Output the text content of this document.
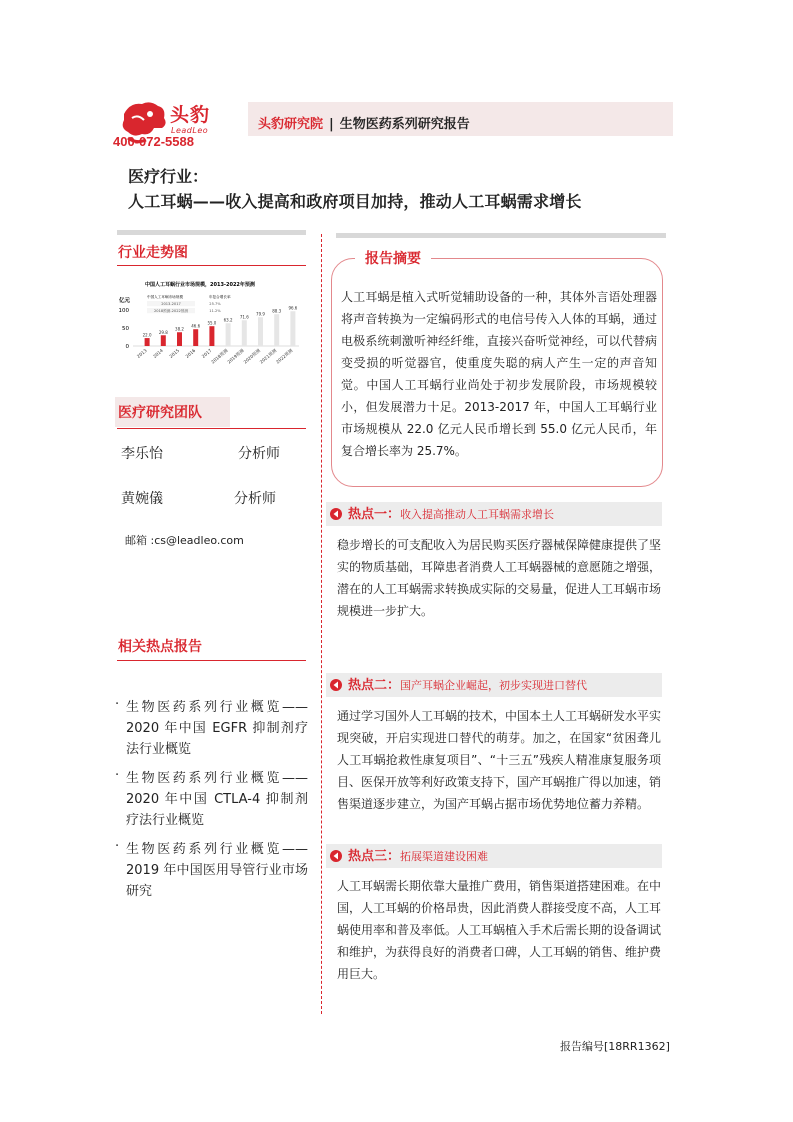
头豹
LeadLeo
400-072-5588
头豹研究院 | 生物医药系列研究报告
医疗行业：
人工耳蜗——收入提高和政府项目加持，推动人工耳蜗需求增长
行业走势图
中国人工耳蜗行业市场规模，2013-2022年预测
亿元
中国人工耳蜗市场规模	年复合增长率
2013-2017	25.7%
2018预测-2022预测	11.2%
100
50
0
22.0
29.8
38.2
46.6
55.0
63.2
71.6
79.9
88.3
96.6
2013 2014 2015 2016 2017
2018预测
2019预测
2020预测
2021预测
2022预测
医疗研究团队
李乐怡	分析师
黄婉儀	分析师
邮箱 :cs@leadleo.com
相关热点报告
· 生物医药系列行业概览——2020 年中国 EGFR 抑制剂疗法行业概览
· 生物医药系列行业概览——2020 年中国 CTLA-4 抑制剂疗法行业概览
· 生物医药系列行业概览——2019 年中国医用导管行业市场研究
报告摘要
人工耳蜗是植入式听觉辅助设备的一种，其体外言语处理器将声音转换为一定编码形式的电信号传入人体的耳蜗，通过电极系统刺激听神经纤维，直接兴奋听觉神经，可以代替病变受损的听觉器官，使重度失聪的病人产生一定的声音知觉。中国人工耳蜗行业尚处于初步发展阶段，市场规模较小，但发展潜力十足。2013-2017 年，中国人工耳蜗行业市场规模从 22.0 亿元人民币增长到 55.0 亿元人民币，年复合增长率为 25.7%。
热点一：收入提高推动人工耳蜗需求增长
稳步增长的可支配收入为居民购买医疗器械保障健康提供了坚实的物质基础，耳障患者消费人工耳蜗器械的意愿随之增强，潜在的人工耳蜗需求转换成实际的交易量，促进人工耳蜗市场规模进一步扩大。
热点二：国产耳蜗企业崛起，初步实现进口替代
通过学习国外人工耳蜗的技术，中国本土人工耳蜗研发水平实现突破，开启实现进口替代的萌芽。加之，在国家“贫困聋儿人工耳蜗抢救性康复项目”、“十三五”残疾人精准康复服务项目、医保开放等利好政策支持下，国产耳蜗推广得以加速，销售渠道逐步建立，为国产耳蜗占据市场优势地位蓄力养精。
热点三：拓展渠道建设困难
人工耳蜗需长期依靠大量推广费用，销售渠道搭建困难。在中国，人工耳蜗的价格昂贵，因此消费人群接受度不高，人工耳蜗使用率和普及率低。人工耳蜗植入手术后需长期的设备调试和维护，为获得良好的消费者口碑，人工耳蜗的销售、维护费用巨大。
报告编号[18RR1362]
